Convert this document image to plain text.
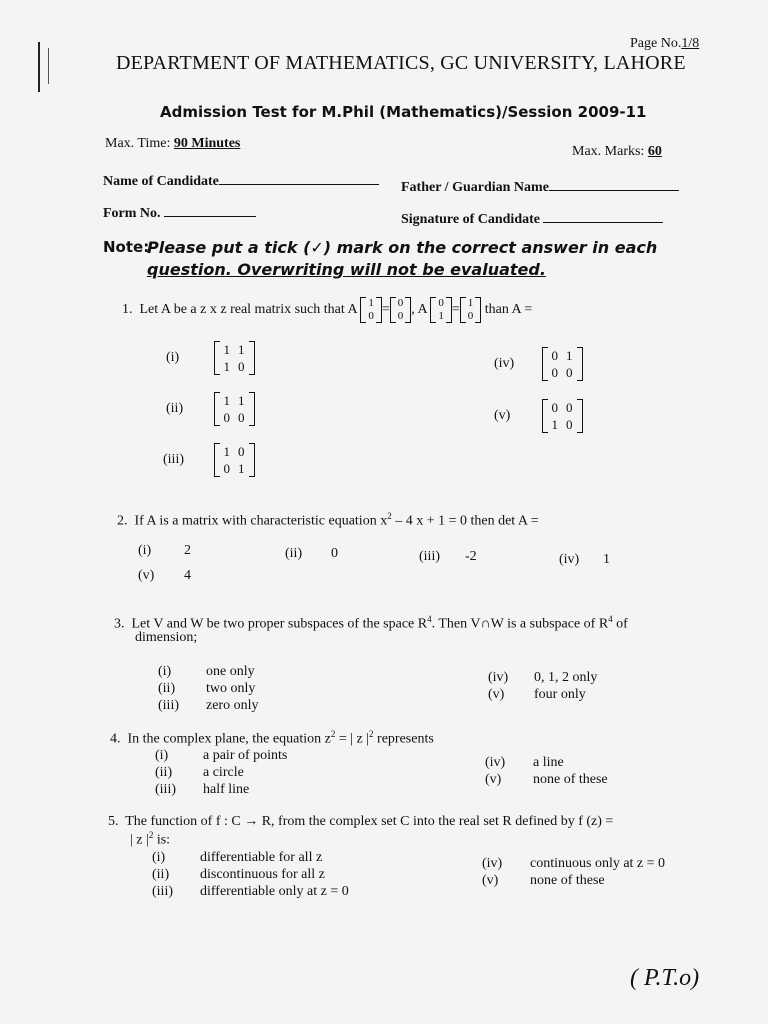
Page No.1/8
DEPARTMENT OF MATHEMATICS, GC UNIVERSITY, LAHORE
Admission Test for M.Phil (Mathematics)/Session 2009-11
Max. Time: 90 Minutes
Max. Marks: 60
Name of Candidate	Father / Guardian Name
Form No.	Signature of Candidate
Note:
Please put a tick (✓) mark on the correct answer in each
question. Overwriting will not be evaluated.
1. Let A be a z x z real matrix such that A 1
0 = 0
0 , A 0
1 = 1
0 than A =
(i)
1	1
1	0
(ii)
1	1
0	0
(iii)
1	0
0	1
(iv)
0	1
0	0
(v)
0	0
1	0
2. If A is a matrix with characteristic equation $x^2 - 4$ x + 1 = 0 then det A =
(i) 2	(ii) 0	(iii) -2	(iv) 1
(v) 4
3. Let V and W be two proper subspaces of the space $R^4$. Then V∩W is a subspace of $R^4$ of
dimension;
(i) one only
(ii) two only
(iii) zero only
(iv) 0, 1, 2 only
(v) four only
4. In the complex plane, the equation $z^2$ = | z $|^2$ represents
(i) a pair of points
(ii) a circle
(iii) half line
(iv) a line
(v) none of these
5. The function of f : C → R, from the complex set C into the real set R defined by f (z) =
| z $|^2$ is:
(i) differentiable for all z
(ii) discontinuous for all z
(iii) differentiable only at z = 0
(iv) continuous only at z = 0
(v) none of these
( P.T.o)
